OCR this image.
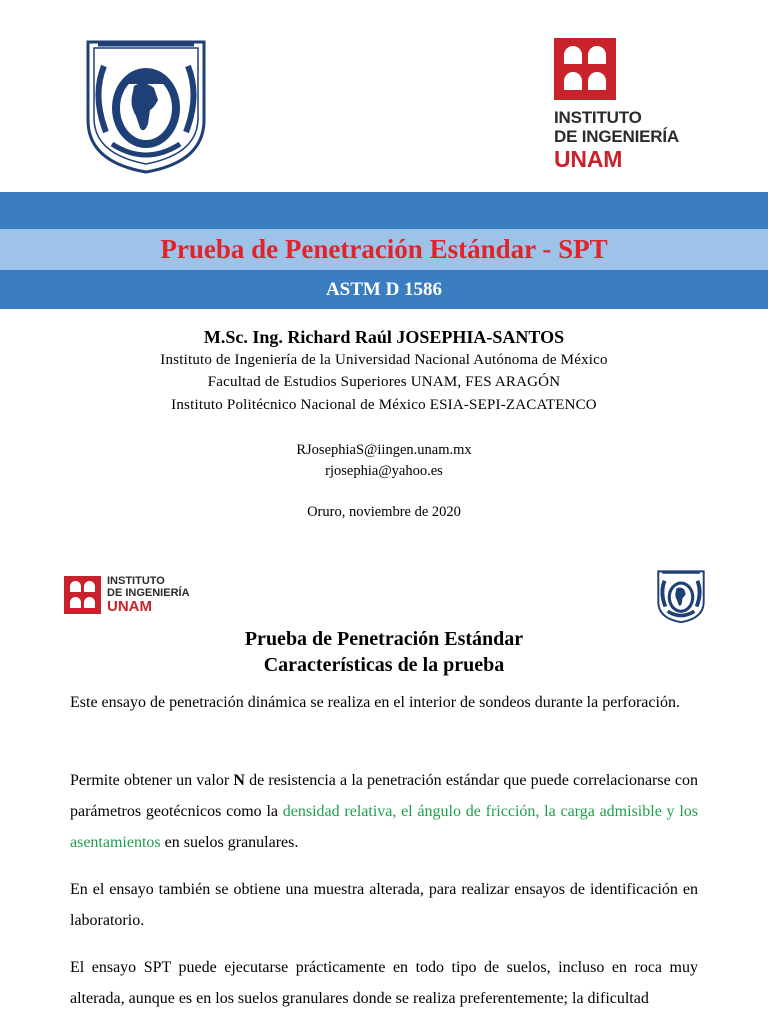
INSTITUTO
DE INGENIERÍA
UNAM
Prueba de Penetración Estándar - SPT
ASTM D 1586
M.Sc. Ing. Richard Raúl JOSEPHIA-SANTOS
Instituto de Ingeniería de la Universidad Nacional Autónoma de México
Facultad de Estudios Superiores UNAM, FES ARAGÓN
Instituto Politécnico Nacional de México ESIA-SEPI-ZACATENCO
RJosephiaS@iingen.unam.mx
rjosephia@yahoo.es
Oruro, noviembre de 2020
INSTITUTO
DE INGENIERÍA
UNAM
Prueba de Penetración Estándar
Características de la prueba
Este ensayo de penetración dinámica se realiza en el interior de sondeos durante la perforación.
Permite obtener un valor N de resistencia a la penetración estándar que puede correlacionarse con parámetros geotécnicos como la densidad relativa, el ángulo de fricción, la carga admisible y los asentamientos en suelos granulares.
En el ensayo también se obtiene una muestra alterada, para realizar ensayos de identificación en laboratorio.
El ensayo SPT puede ejecutarse prácticamente en todo tipo de suelos, incluso en roca muy alterada, aunque es en los suelos granulares donde se realiza preferentemente; la dificultad
